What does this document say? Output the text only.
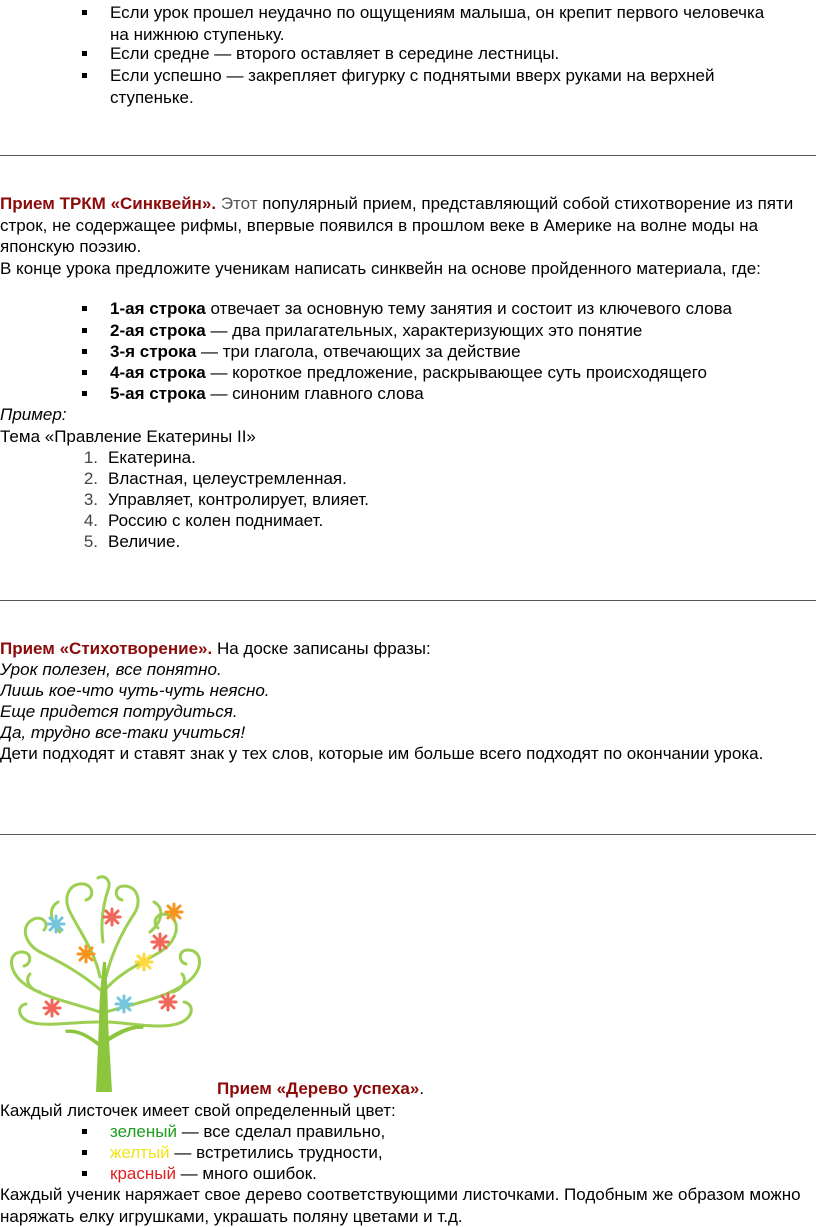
Если урок прошел неудачно по ощущениям малыша, он крепит первого человечка на нижнюю ступеньку.
Если средне — второго оставляет в середине лестницы.
Если успешно — закрепляет фигурку с поднятыми вверх руками на верхней ступеньке.
Прием ТРКМ «Синквейн». Этот популярный прием, представляющий собой стихотворение из пяти строк, не содержащее рифмы, впервые появился в прошлом веке в Америке на волне моды на японскую поэзию.
В конце урока предложите ученикам написать синквейн на основе пройденного материала, где:
1-ая строка отвечает за основную тему занятия и состоит из ключевого слова
2-ая строка — два прилагательных, характеризующих это понятие
3-я строка — три глагола, отвечающих за действие
4-ая строка — короткое предложение, раскрывающее суть происходящего
5-ая строка — синоним главного слова
Пример:
Тема «Правление Екатерины II»
1. Екатерина.
2. Властная, целеустремленная.
3. Управляет, контролирует, влияет.
4. Россию с колен поднимает.
5. Величие.
Прием «Стихотворение». На доске записаны фразы:
Урок полезен, все понятно.
Лишь кое-что чуть-чуть неясно.
Еще придется потрудиться.
Да, трудно все-таки учиться!
Дети подходят и ставят знак у тех слов, которые им больше всего подходят по окончании урока.
Прием «Дерево успеха».
Каждый листочек имеет свой определенный цвет:
зеленый — все сделал правильно,
желтый — встретились трудности,
красный — много ошибок.
Каждый ученик наряжает свое дерево соответствующими листочками. Подобным же образом можно наряжать елку игрушками, украшать поляну цветами и т.д.
